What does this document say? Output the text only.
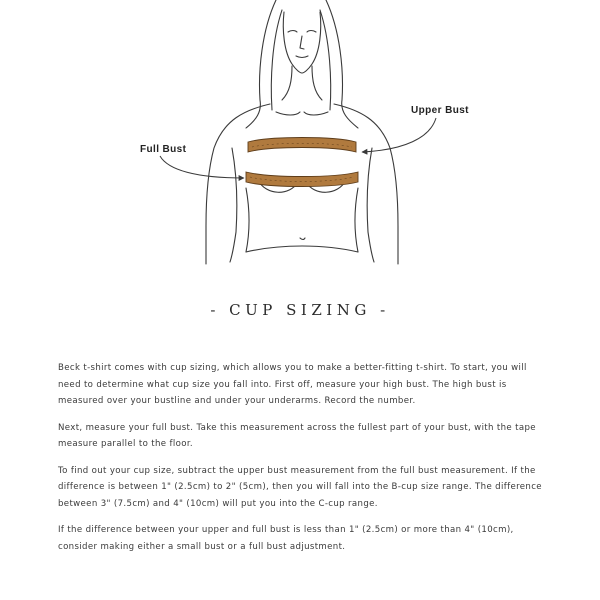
Upper Bust
Full Bust
- CUP SIZING -

Beck t-shirt comes with cup sizing, which allows you to make a better-fitting t-shirt. To start, you will need to determine what cup size you fall into. First off, measure your high bust. The high bust is measured over your bustline and under your underarms. Record the number.

Next, measure your full bust. Take this measurement across the fullest part of your bust, with the tape measure parallel to the floor.

To find out your cup size, subtract the upper bust measurement from the full bust measurement. If the difference is between 1" (2.5cm) to 2" (5cm), then you will fall into the B-cup size range. The difference between 3" (7.5cm) and 4" (10cm) will put you into the C-cup range.

If the difference between your upper and full bust is less than 1" (2.5cm) or more than 4" (10cm), consider making either a small bust or a full bust adjustment.
